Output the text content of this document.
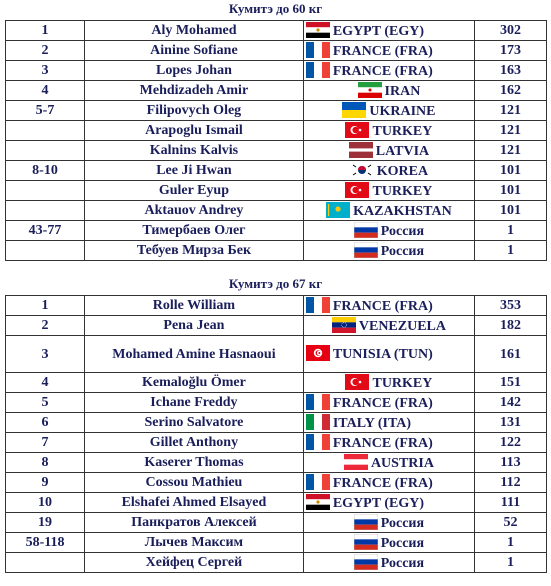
Кумитэ до 60 кг
1	Aly Mohamed	EGYPT (EGY)	302
2	Ainine Sofiane	FRANCE (FRA)	173
3	Lopes Johan	FRANCE (FRA)	163
4	Mehdizadeh Amir	IRAN	162
5-7	Filipovych Oleg	UKRAINE	121
	Arapoglu Ismail	TURKEY	121
	Kalnins Kalvis	LATVIA	121
8-10	Lee Ji Hwan	KOREA	101
	Guler Eyup	TURKEY	101
	Aktauov Andrey	KAZAKHSTAN	101
43-77	Тимербаев Олег	Россия	1
	Тебуев Мирза Бек	Россия	1
Кумитэ до 67 кг
1	Rolle William	FRANCE (FRA)	353
2	Pena Jean	VENEZUELA	182
3	Mohamed Amine Hasnaoui	TUNISIA (TUN)	161
4	Kemaloğlu Ömer	TURKEY	151
5	Ichane Freddy	FRANCE (FRA)	142
6	Serino Salvatore	ITALY (ITA)	131
7	Gillet Anthony	FRANCE (FRA)	122
8	Kaserer Thomas	AUSTRIA	113
9	Cossou Mathieu	FRANCE (FRA)	112
10	Elshafei Ahmed Elsayed	EGYPT (EGY)	111
19	Панкратов Алексей	Россия	52
58-118	Лычев Максим	Россия	1
	Хейфец Сергей	Россия	1
